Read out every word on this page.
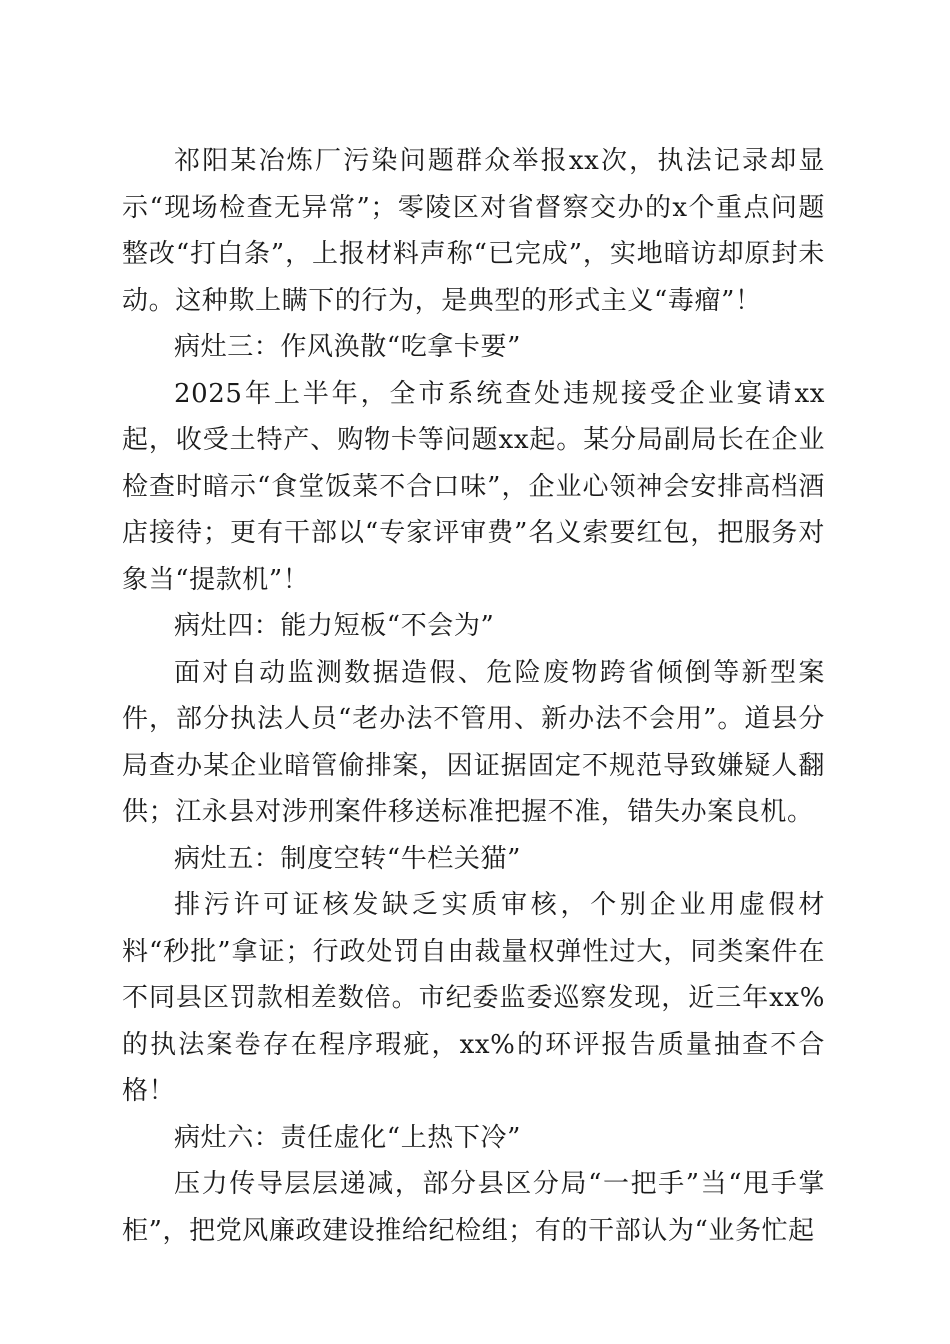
祁阳某冶炼厂污染问题群众举报xx次，执法记录却显示“现场检查无异常”；零陵区对省督察交办的x个重点问题整改“打白条”，上报材料声称“已完成”，实地暗访却原封未动。这种欺上瞒下的行为，是典型的形式主义“毒瘤”！

病灶三：作风涣散“吃拿卡要”

2025年上半年，全市系统查处违规接受企业宴请xx起，收受土特产、购物卡等问题xx起。某分局副局长在企业检查时暗示“食堂饭菜不合口味”，企业心领神会安排高档酒店接待；更有干部以“专家评审费”名义索要红包，把服务对象当“提款机”！

病灶四：能力短板“不会为”

面对自动监测数据造假、危险废物跨省倾倒等新型案件，部分执法人员“老办法不管用、新办法不会用”。道县分局查办某企业暗管偷排案，因证据固定不规范导致嫌疑人翻供；江永县对涉刑案件移送标准把握不准，错失办案良机。

病灶五：制度空转“牛栏关猫”

排污许可证核发缺乏实质审核，个别企业用虚假材料“秒批”拿证；行政处罚自由裁量权弹性过大，同类案件在不同县区罚款相差数倍。市纪委监委巡察发现，近三年xx%的执法案卷存在程序瑕疵，xx%的环评报告质量抽查不合格！

病灶六：责任虚化“上热下冷”

压力传导层层递减，部分县区分局“一把手”当“甩手掌柜”，把党风廉政建设推给纪检组；有的干部认为“业务忙起
